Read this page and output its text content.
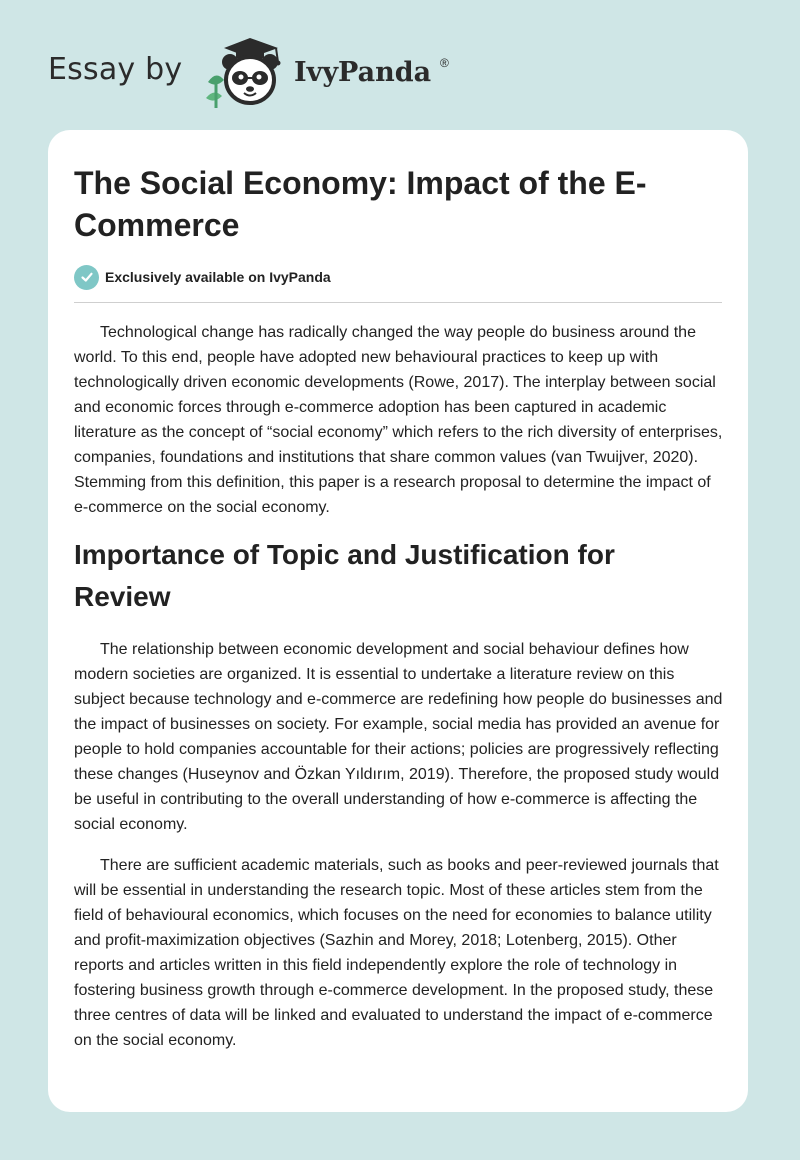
Essay by	IvyPanda ®
The Social Economy: Impact of the E-Commerce
Exclusively available on IvyPanda

Technological change has radically changed the way people do business around the world. To this end, people have adopted new behavioural practices to keep up with technologically driven economic developments (Rowe, 2017). The interplay between social and economic forces through e-commerce adoption has been captured in academic literature as the concept of “social economy” which refers to the rich diversity of enterprises, companies, foundations and institutions that share common values (van Twuijver, 2020). Stemming from this definition, this paper is a research proposal to determine the impact of e-commerce on the social economy.

Importance of Topic and Justification for Review

The relationship between economic development and social behaviour defines how modern societies are organized. It is essential to undertake a literature review on this subject because technology and e-commerce are redefining how people do businesses and the impact of businesses on society. For example, social media has provided an avenue for people to hold companies accountable for their actions; policies are progressively reflecting these changes (Huseynov and Özkan Yıldırım, 2019). Therefore, the proposed study would be useful in contributing to the overall understanding of how e-commerce is affecting the social economy.

There are sufficient academic materials, such as books and peer-reviewed journals that will be essential in understanding the research topic. Most of these articles stem from the field of behavioural economics, which focuses on the need for economies to balance utility and profit-maximization objectives (Sazhin and Morey, 2018; Lotenberg, 2015). Other reports and articles written in this field independently explore the role of technology in fostering business growth through e-commerce development. In the proposed study, these three centres of data will be linked and evaluated to understand the impact of e-commerce on the social economy.
